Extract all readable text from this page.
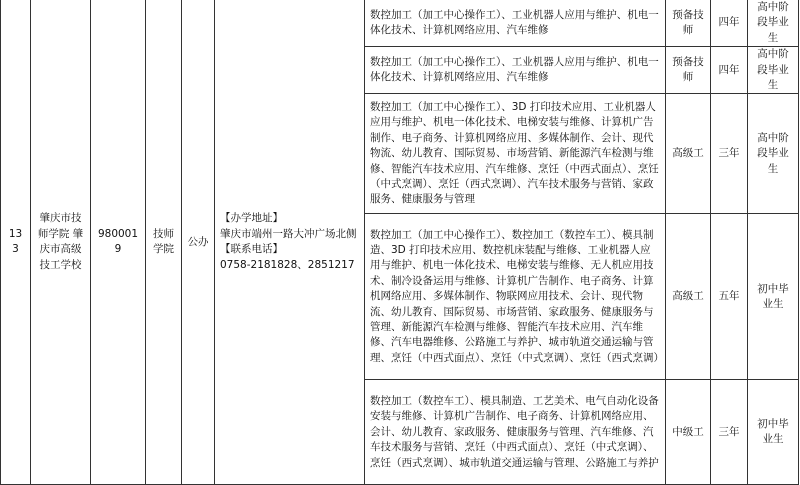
133	肇庆市技师学院 肇庆市高级技工学校	9800019	技师学院	公办	【办学地址】
肇庆市端州一路大冲广场北侧
【联系电话】
0758-2181828、2851217	数控加工（加工中心操作工）、工业机器人应用与维护、机电一体化技术、计算机网络应用、汽车维修	预备技师	四年	高中阶段毕业生
						数控加工（加工中心操作工）、工业机器人应用与维护、机电一体化技术、计算机网络应用、汽车维修	预备技师	四年	高中阶段毕业生
						数控加工（加工中心操作工）、3D 打印技术应用、工业机器人应用与维护、机电一体化技术、电梯安装与维修、计算机广告制作、电子商务、计算机网络应用、多媒体制作、会计、现代物流、幼儿教育、国际贸易、市场营销、新能源汽车检测与维修、智能汽车技术应用、汽车维修、烹饪（中西式面点）、烹饪（中式烹调）、烹饪（西式烹调）、汽车技术服务与营销、家政服务、健康服务与管理	高级工	三年	高中阶段毕业生
						数控加工（加工中心操作工）、数控加工（数控车工）、模具制造、3D 打印技术应用、数控机床装配与维修、工业机器人应用与维护、机电一体化技术、电梯安装与维修、无人机应用技术、制冷设备运用与维修、计算机广告制作、电子商务、计算机网络应用、多媒体制作、物联网应用技术、会计、现代物流、幼儿教育、国际贸易、市场营销、家政服务、健康服务与管理、新能源汽车检测与维修、智能汽车技术应用、汽车维修、汽车电器维修、公路施工与养护、城市轨道交通运输与管理、烹饪（中西式面点）、烹饪（中式烹调）、烹饪（西式烹调）	高级工	五年	初中毕业生
						数控加工（数控车工）、模具制造、工艺美术、电气自动化设备安装与维修、计算机广告制作、电子商务、计算机网络应用、会计、幼儿教育、家政服务、健康服务与管理、汽车维修、汽车技术服务与营销、烹饪（中西式面点）、烹饪（中式烹调）、烹饪（西式烹调）、城市轨道交通运输与管理、公路施工与养护	中级工	三年	初中毕业生
